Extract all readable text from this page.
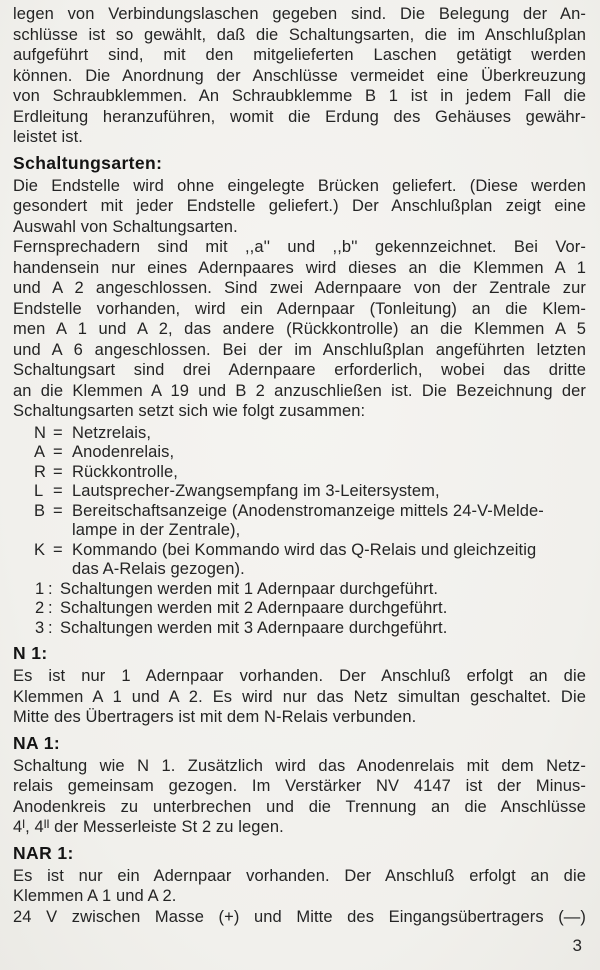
legen von Verbindungslaschen gegeben sind. Die Belegung der An-
schlüsse ist so gewählt, daß die Schaltungsarten, die im Anschlußplan
aufgeführt sind, mit den mitgelieferten Laschen getätigt werden
können. Die Anordnung der Anschlüsse vermeidet eine Überkreuzung
von Schraubklemmen. An Schraubklemme B 1 ist in jedem Fall die
Erdleitung heranzuführen, womit die Erdung des Gehäuses gewähr-
leistet ist.
Schaltungsarten:
Die Endstelle wird ohne eingelegte Brücken geliefert. (Diese werden
gesondert mit jeder Endstelle geliefert.) Der Anschlußplan zeigt eine
Auswahl von Schaltungsarten.
Fernsprechadern sind mit ,,a'' und ,,b'' gekennzeichnet. Bei Vor-
handensein nur eines Adernpaares wird dieses an die Klemmen A 1
und A 2 angeschlossen. Sind zwei Adernpaare von der Zentrale zur
Endstelle vorhanden, wird ein Adernpaar (Tonleitung) an die Klem-
men A 1 und A 2, das andere (Rückkontrolle) an die Klemmen A 5
und A 6 angeschlossen. Bei der im Anschlußplan angeführten letzten
Schaltungsart sind drei Adernpaare erforderlich, wobei das dritte
an die Klemmen A 19 und B 2 anzuschließen ist. Die Bezeichnung der
Schaltungsarten setzt sich wie folgt zusammen:
N = Netzrelais,
A = Anodenrelais,
R = Rückkontrolle,
L = Lautsprecher-Zwangsempfang im 3-Leitersystem,
B = Bereitschaftsanzeige (Anodenstromanzeige mittels 24-V-Melde-
lampe in der Zentrale),
K = Kommando (bei Kommando wird das Q-Relais und gleichzeitig
das A-Relais gezogen).
1 : Schaltungen werden mit 1 Adernpaar durchgeführt.
2 : Schaltungen werden mit 2 Adernpaare durchgeführt.
3 : Schaltungen werden mit 3 Adernpaare durchgeführt.
N 1:
Es ist nur 1 Adernpaar vorhanden. Der Anschluß erfolgt an die
Klemmen A 1 und A 2. Es wird nur das Netz simultan geschaltet. Die
Mitte des Übertragers ist mit dem N-Relais verbunden.
NA 1:
Schaltung wie N 1. Zusätzlich wird das Anodenrelais mit dem Netz-
relais gemeinsam gezogen. Im Verstärker NV 4147 ist der Minus-
Anodenkreis zu unterbrechen und die Trennung an die Anschlüsse
4ᴵ, 4ᴵᴵ der Messerleiste St 2 zu legen.
NAR 1:
Es ist nur ein Adernpaar vorhanden. Der Anschluß erfolgt an die
Klemmen A 1 und A 2.
24 V zwischen Masse (+) und Mitte des Eingangsübertragers (—)
3
